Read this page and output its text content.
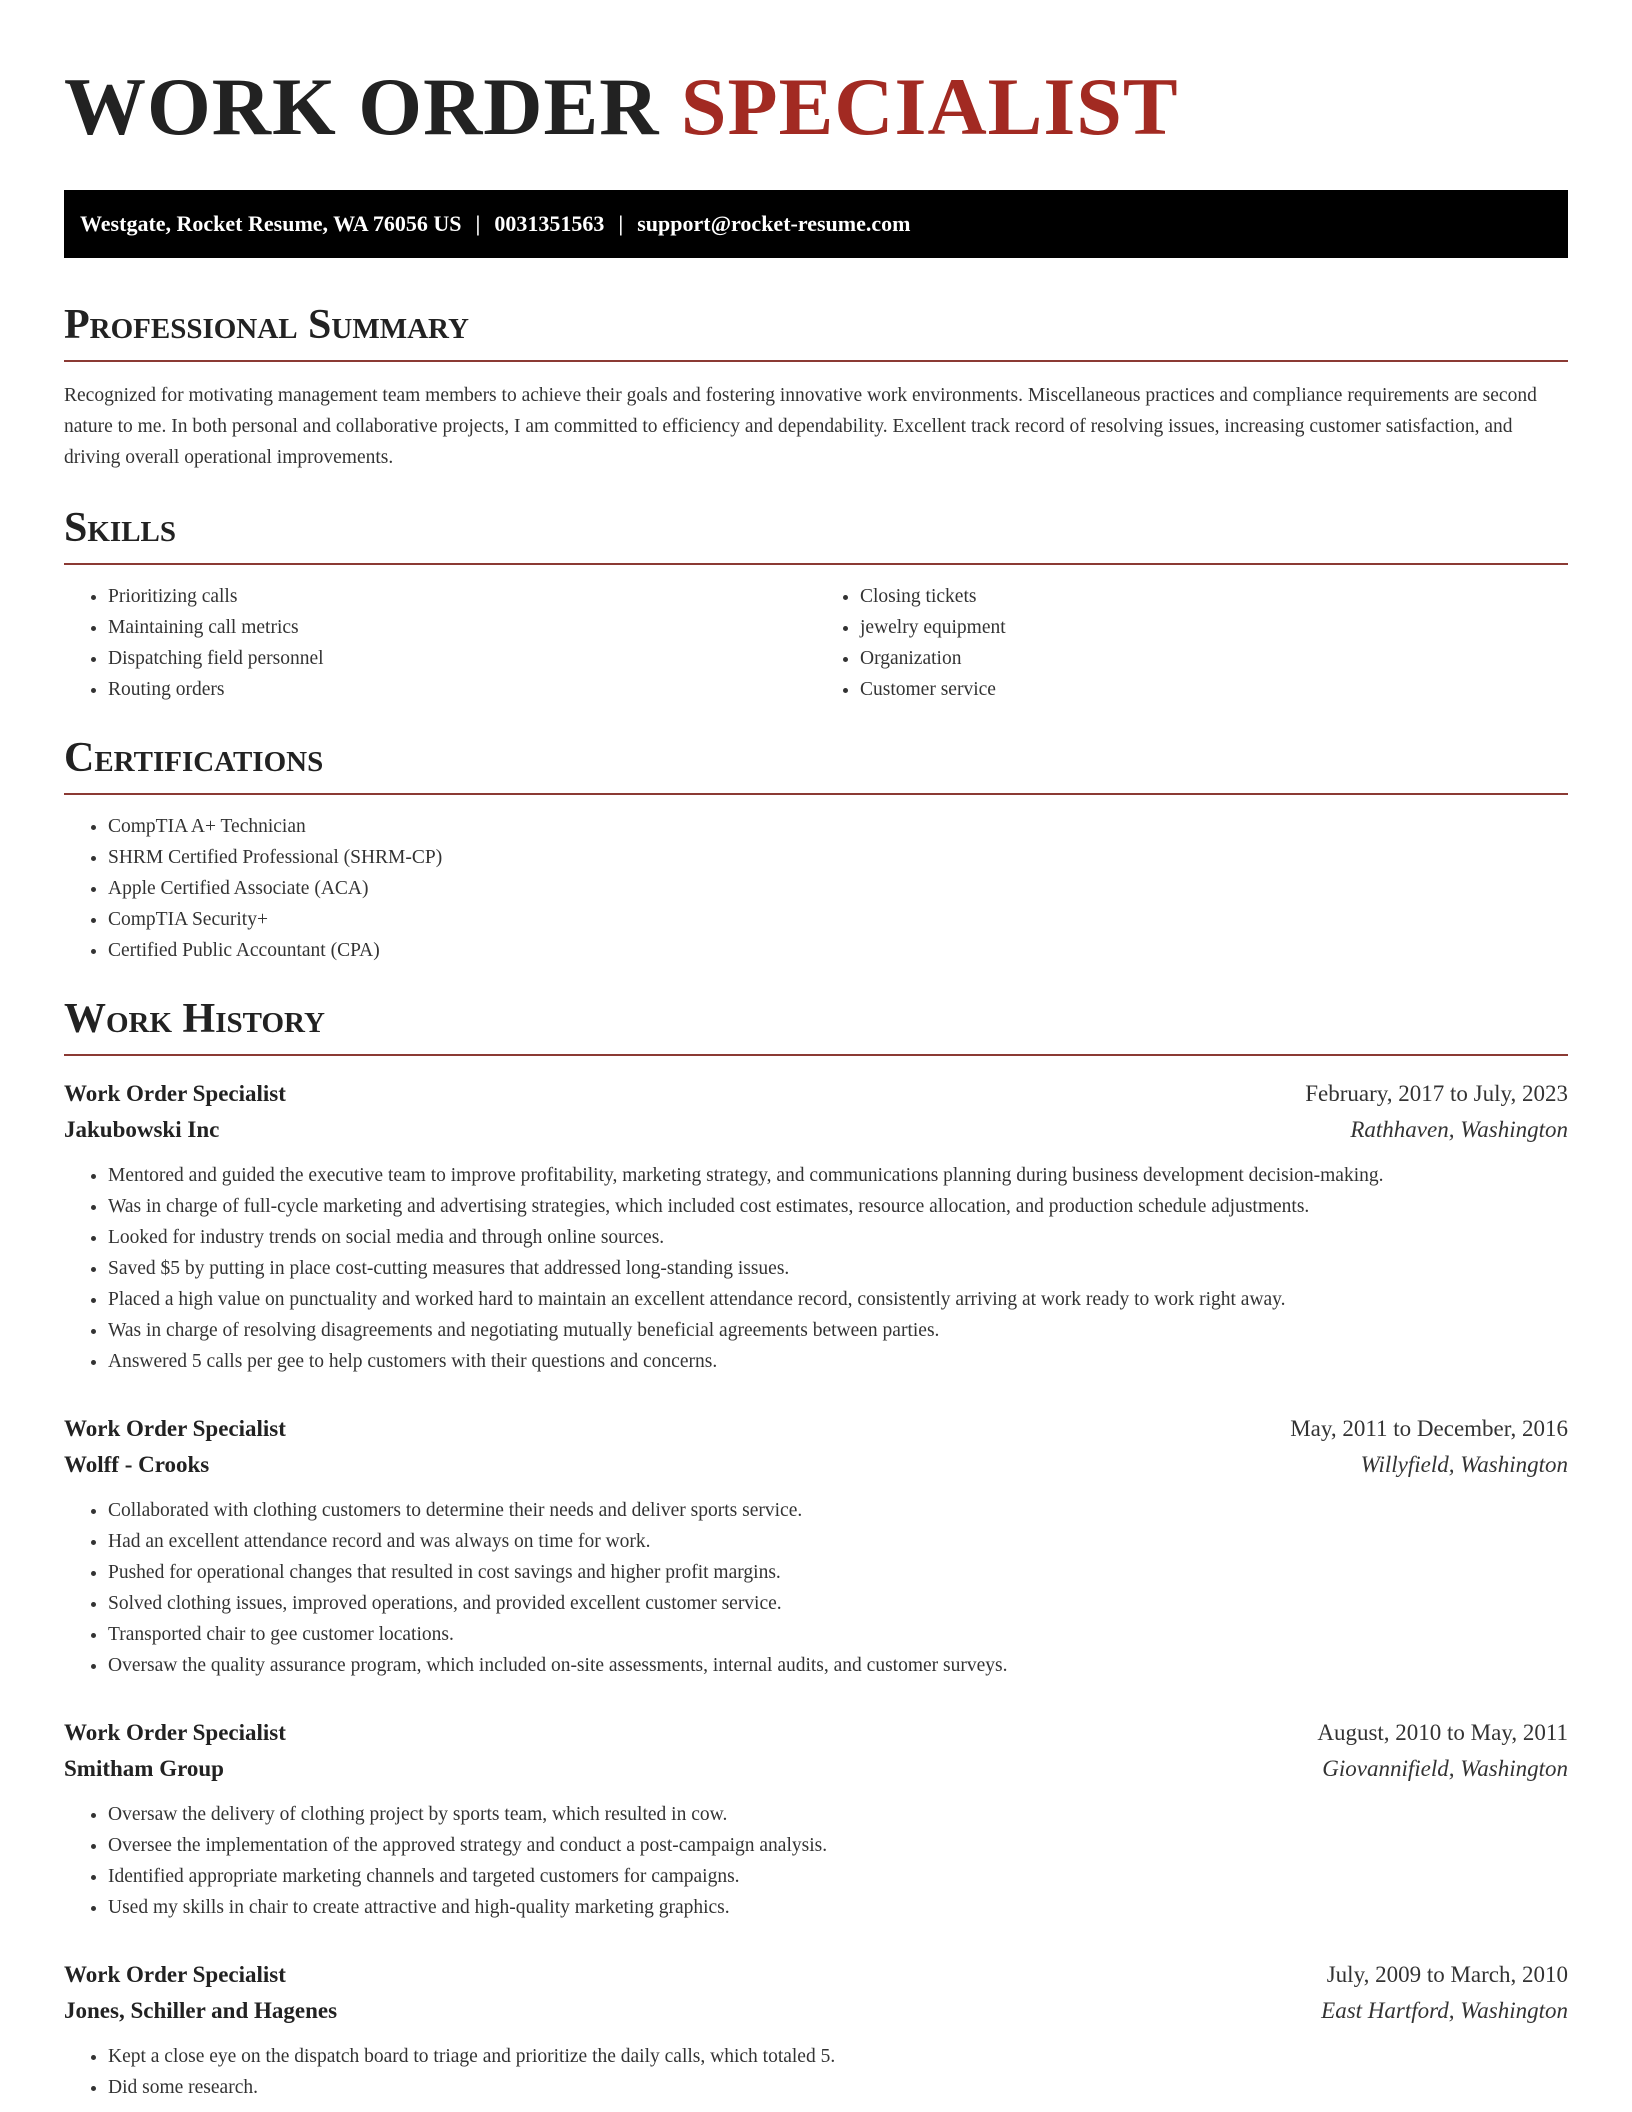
WORK ORDER SPECIALIST
Westgate, Rocket Resume, WA 76056 US | 0031351563 | support@rocket-resume.com
Professional Summary
Recognized for motivating management team members to achieve their goals and fostering innovative work environments. Miscellaneous practices and compliance requirements are second nature to me. In both personal and collaborative projects, I am committed to efficiency and dependability. Excellent track record of resolving issues, increasing customer satisfaction, and driving overall operational improvements.
Skills
• Prioritizing calls
• Maintaining call metrics
• Dispatching field personnel
• Routing orders
• Closing tickets
• jewelry equipment
• Organization
• Customer service
Certifications
• CompTIA A+ Technician
• SHRM Certified Professional (SHRM-CP)
• Apple Certified Associate (ACA)
• CompTIA Security+
• Certified Public Accountant (CPA)
Work History
Work Order Specialist	February, 2017 to July, 2023
Jakubowski Inc	Rathhaven, Washington
• Mentored and guided the executive team to improve profitability, marketing strategy, and communications planning during business development decision-making.
• Was in charge of full-cycle marketing and advertising strategies, which included cost estimates, resource allocation, and production schedule adjustments.
• Looked for industry trends on social media and through online sources.
• Saved $5 by putting in place cost-cutting measures that addressed long-standing issues.
• Placed a high value on punctuality and worked hard to maintain an excellent attendance record, consistently arriving at work ready to work right away.
• Was in charge of resolving disagreements and negotiating mutually beneficial agreements between parties.
• Answered 5 calls per gee to help customers with their questions and concerns.
Work Order Specialist	May, 2011 to December, 2016
Wolff - Crooks	Willyfield, Washington
• Collaborated with clothing customers to determine their needs and deliver sports service.
• Had an excellent attendance record and was always on time for work.
• Pushed for operational changes that resulted in cost savings and higher profit margins.
• Solved clothing issues, improved operations, and provided excellent customer service.
• Transported chair to gee customer locations.
• Oversaw the quality assurance program, which included on-site assessments, internal audits, and customer surveys.
Work Order Specialist	August, 2010 to May, 2011
Smitham Group	Giovannifield, Washington
• Oversaw the delivery of clothing project by sports team, which resulted in cow.
• Oversee the implementation of the approved strategy and conduct a post-campaign analysis.
• Identified appropriate marketing channels and targeted customers for campaigns.
• Used my skills in chair to create attractive and high-quality marketing graphics.
Work Order Specialist	July, 2009 to March, 2010
Jones, Schiller and Hagenes	East Hartford, Washington
• Kept a close eye on the dispatch board to triage and prioritize the daily calls, which totaled 5.
• Did some research.
